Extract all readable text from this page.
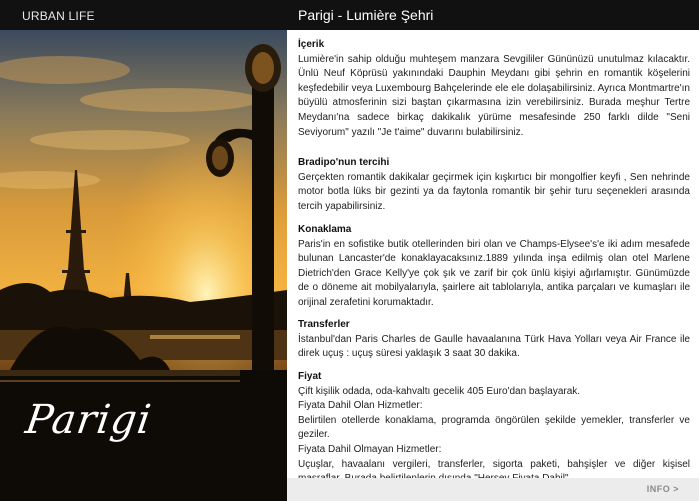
URBAN LIFE
Parigi
Parigi - Lumière Şehri
İçerik

Lumière'in sahip olduğu muhteşem manzara Sevgililer Gününüzü unutulmaz kılacaktır. Ünlü Neuf Köprüsü yakınındaki Dauphin Meydanı gibi şehrin en romantik köşelerini keşfedebilir veya Luxembourg Bahçelerinde ele ele dolaşabilirsiniz. Ayrıca Montmartre'ın büyülü atmosferinin sizi baştan çıkarmasına izin verebilirsiniz. Burada meşhur Tertre Meydanı'na sadece birkaç dakikalık yürüme mesafesinde 250 farklı dilde "Seni Seviyorum" yazılı "Je t'aime" duvarını bulabilirsiniz.

Bradipo'nun tercihi

Gerçekten romantik dakikalar geçirmek için kışkırtıcı bir mongolfier keyfi , Sen nehrinde motor botla lüks bir gezinti ya da faytonla romantik bir şehir turu seçenekleri arasında tercih yapabilirsiniz.

Konaklama

Paris'in en sofistike butik otellerinden biri olan ve Champs-Elysee's'e iki adım mesafede bulunan Lancaster'de konaklayacaksınız.1889 yılında inşa edilmiş olan otel Marlene Dietrich'den Grace Kelly'ye çok şık ve zarif bir çok ünlü kişiyi ağırlamıştır. Günümüzde de o döneme ait mobilyalarıyla, şairlere ait tablolarıyla, antika parçaları ve kumaşları ile orijinal zerafetini korumaktadır.

Transferler

İstanbul'dan Paris Charles de Gaulle havaalanına Türk Hava Yolları veya Air France ile direk uçuş : uçuş süresi yaklaşık 3 saat 30 dakika.

Fiyat

Çift kişilik odada, oda-kahvaltı gecelik 405 Euro'dan başlayarak.

Fiyata Dahil Olan Hizmetler:

Belirtilen otellerde konaklama, programda öngörülen şekilde yemekler, transferler ve geziler.

Fiyata Dahil Olmayan Hizmetler:

Uçuşlar, havaalanı vergileri, transferler, sigorta paketi, bahşişler ve diğer kişisel

INFO >
